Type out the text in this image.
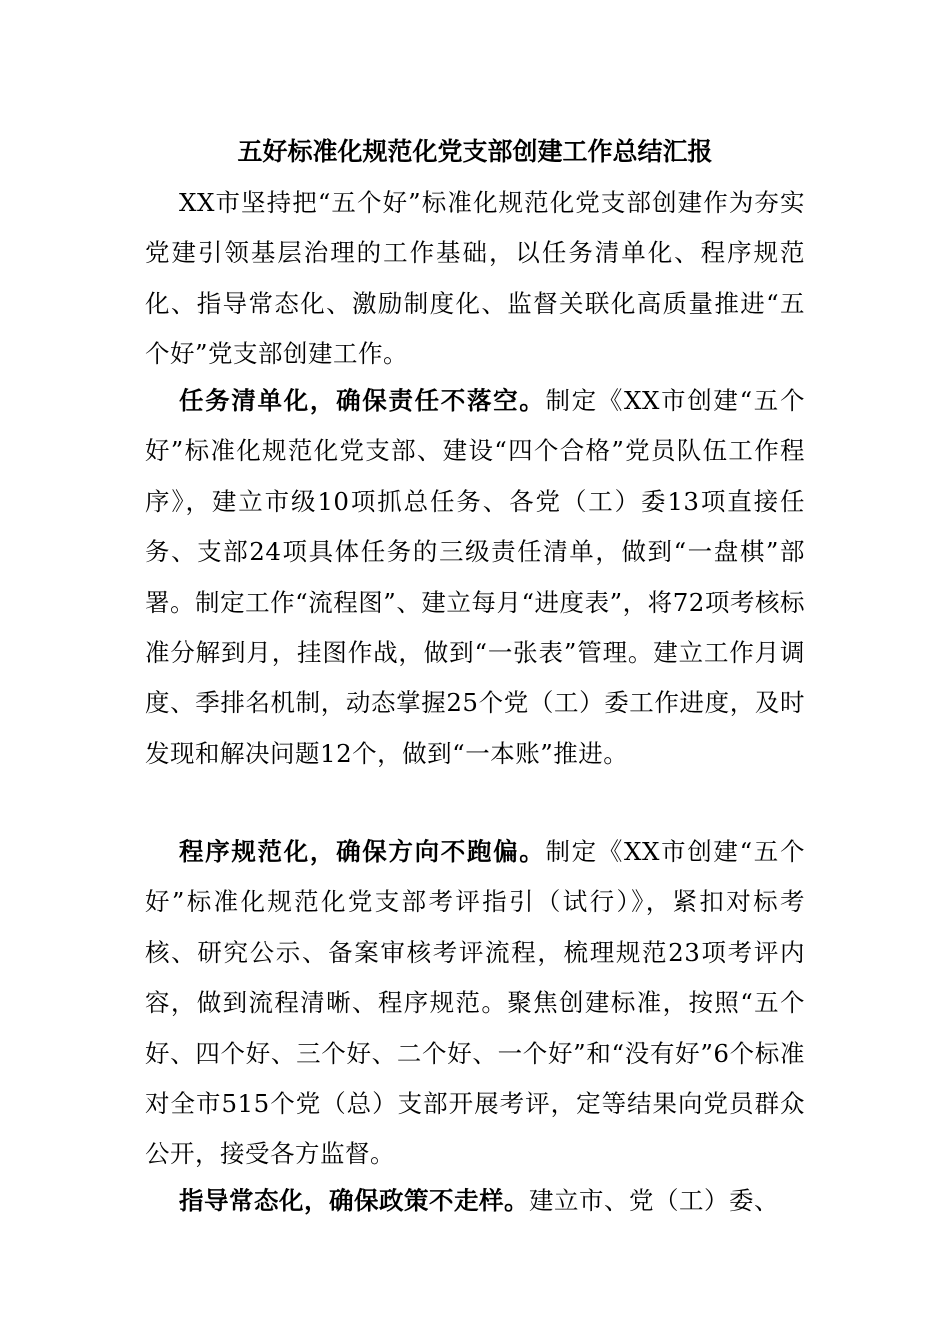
五好标准化规范化党支部创建工作总结汇报

XX市坚持把“五个好”标准化规范化党支部创建作为夯实党建引领基层治理的工作基础，以任务清单化、程序规范化、指导常态化、激励制度化、监督关联化高质量推进“五个好”党支部创建工作。

任务清单化，确保责任不落空。制定《XX市创建“五个好”标准化规范化党支部、建设“四个合格”党员队伍工作程序》，建立市级10项抓总任务、各党（工）委13项直接任务、支部24项具体任务的三级责任清单，做到“一盘棋”部署。制定工作“流程图”、建立每月“进度表”，将72项考核标准分解到月，挂图作战，做到“一张表”管理。建立工作月调度、季排名机制，动态掌握25个党（工）委工作进度，及时发现和解决问题12个，做到“一本账”推进。

程序规范化，确保方向不跑偏。制定《XX市创建“五个好”标准化规范化党支部考评指引（试行）》，紧扣对标考核、研究公示、备案审核考评流程，梳理规范23项考评内容，做到流程清晰、程序规范。聚焦创建标准，按照“五个好、四个好、三个好、二个好、一个好”和“没有好”6个标准对全市515个党（总）支部开展考评，定等结果向党员群众公开，接受各方监督。

指导常态化，确保政策不走样。建立市、党（工）委、
